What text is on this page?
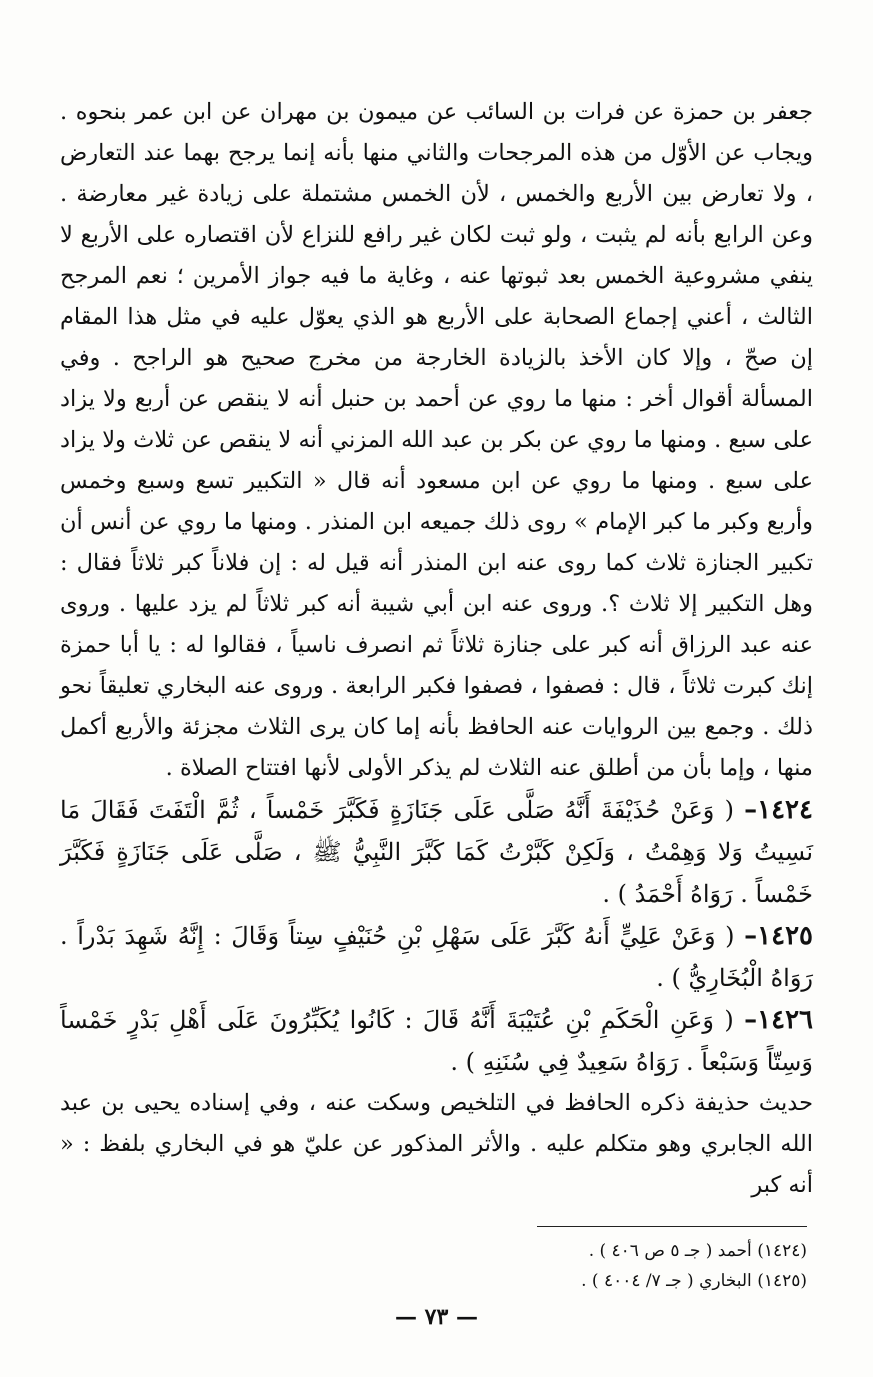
جعفر بن حمزة عن فرات بن السائب عن ميمون بن مهران عن ابن عمر بنحوه . ويجاب عن الأوّل من هذه المرجحات والثاني منها بأنه إنما يرجح بهما عند التعارض ، ولا تعارض بين الأربع والخمس ، لأن الخمس مشتملة على زيادة غير معارضة . وعن الرابع بأنه لم يثبت ، ولو ثبت لكان غير رافع للنزاع لأن اقتصاره على الأربع لا ينفي مشروعية الخمس بعد ثبوتها عنه ، وغاية ما فيه جواز الأمرين ؛ نعم المرجح الثالث ، أعني إجماع الصحابة على الأربع هو الذي يعوّل عليه في مثل هذا المقام إن صحّ ، وإلا كان الأخذ بالزيادة الخارجة من مخرج صحيح هو الراجح . وفي المسألة أقوال أخر : منها ما روي عن أحمد بن حنبل أنه لا ينقص عن أربع ولا يزاد على سبع . ومنها ما روي عن بكر بن عبد الله المزني أنه لا ينقص عن ثلاث ولا يزاد على سبع . ومنها ما روي عن ابن مسعود أنه قال « التكبير تسع وسبع وخمس وأربع وكبر ما كبر الإمام » روى ذلك جميعه ابن المنذر . ومنها ما روي عن أنس أن تكبير الجنازة ثلاث كما روى عنه ابن المنذر أنه قيل له : إن فلاناً كبر ثلاثاً فقال : وهل التكبير إلا ثلاث ؟. وروى عنه ابن أبي شيبة أنه كبر ثلاثاً لم يزد عليها . وروى عنه عبد الرزاق أنه كبر على جنازة ثلاثاً ثم انصرف ناسياً ، فقالوا له : يا أبا حمزة إنك كبرت ثلاثاً ، قال : فصفوا ، فصفوا فكبر الرابعة . وروى عنه البخاري تعليقاً نحو ذلك . وجمع بين الروايات عنه الحافظ بأنه إما كان يرى الثلاث مجزئة والأربع أكمل منها ، وإما بأن من أطلق عنه الثلاث لم يذكر الأولى لأنها افتتاح الصلاة .

١٤٢٤– ( وَعَنْ حُذَيْفَةَ أَنَّهُ صَلَّى عَلَى جَنَازَةٍ فَكَبَّرَ خَمْساً ، ثُمَّ الْتَفَتَ فَقَالَ مَا نَسِيتُ وَلا وَهِمْتُ ، وَلَكِنْ كَبَّرْتُ كَمَا كَبَّرَ النَّبِيُّ ﷺ ، صَلَّى عَلَى جَنَازَةٍ فَكَبَّرَ خَمْساً . رَوَاهُ أَحْمَدُ ) .

١٤٢٥– ( وَعَنْ عَلِيٍّ أَنهُ كَبَّرَ عَلَى سَهْلِ بْنِ حُنَيْفٍ سِتاً وَقَالَ : إِنَّهُ شَهِدَ بَدْراً . رَوَاهُ الْبُخَارِيُّ ) .

١٤٢٦– ( وَعَنِ الْحَكَمِ بْنِ عُتَيْبَةَ أَنَّهُ قَالَ : كَانُوا يُكَبِّرُونَ عَلَى أَهْلِ بَدْرٍ خَمْساً وَسِتّاً وَسَبْعاً . رَوَاهُ سَعِيدٌ فِي سُنَنِهِ ) .

حديث حذيفة ذكره الحافظ في التلخيص وسكت عنه ، وفي إسناده يحيى بن عبد الله الجابري وهو متكلم عليه . والأثر المذكور عن عليّ هو في البخاري بلفظ : « أنه كبر

(١٤٢٤) أحمد ( جـ ٥ ص ٤٠٦ ) .
(١٤٢٥) البخاري ( جـ ٧/ ٤٠٠٤ ) .
— ٧٣ —
